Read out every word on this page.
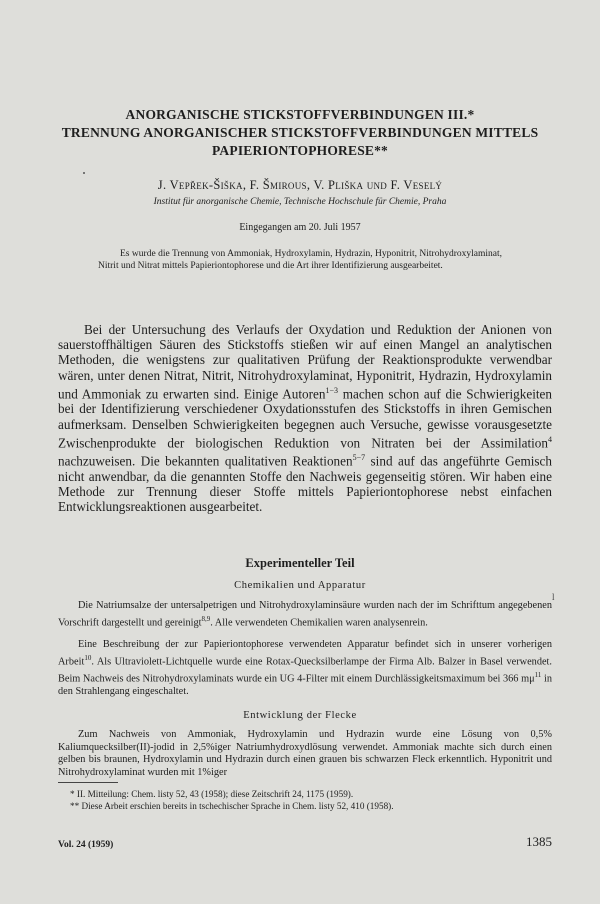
ANORGANISCHE STICKSTOFFVERBINDUNGEN III.*
TRENNUNG ANORGANISCHER STICKSTOFFVERBINDUNGEN MITTELS
PAPIERIONTOPHORESE**
J. Vepřek-Šiška, F. Šmirous, V. Pliška und F. Veselý
Institut für anorganische Chemie, Technische Hochschule für Chemie, Praha
Eingegangen am 20. Juli 1957

Es wurde die Trennung von Ammoniak, Hydroxylamin, Hydrazin, Hyponitrit, Nitrohydroxylaminat, Nitrit und Nitrat mittels Papieriontophorese und die Art ihrer Identifizierung ausgearbeitet.

Bei der Untersuchung des Verlaufs der Oxydation und Reduktion der Anionen von sauerstoffhältigen Säuren des Stickstoffs stießen wir auf einen Mangel an analytischen Methoden, die wenigstens zur qualitativen Prüfung der Reaktionsprodukte verwendbar wären, unter denen Nitrat, Nitrit, Nitrohydroxylaminat, Hyponitrit, Hydrazin, Hydroxylamin und Ammoniak zu erwarten sind. Einige Autoren$^{1-3}$ machen schon auf die Schwierigkeiten bei der Identifizierung verschiedener Oxydationsstufen des Stickstoffs in ihren Gemischen aufmerksam. Denselben Schwierigkeiten begegnen auch Versuche, gewisse vorausgesetzte Zwischenprodukte der biologischen Reduktion von Nitraten bei der Assimilation$^4$ nachzuweisen. Die bekannten qualitativen Reaktionen$^{5-7}$ sind auf das angeführte Gemisch nicht anwendbar, da die genannten Stoffe den Nachweis gegenseitig stören. Wir haben eine Methode zur Trennung dieser Stoffe mittels Papieriontophorese nebst einfachen Entwicklungsreaktionen ausgearbeitet.

Experimenteller Teil
Chemikalien und Apparatur
l

Die Natriumsalze der untersalpetrigen und Nitrohydroxylaminsäure wurden nach der im Schrifttum angegebenen Vorschrift dargestellt und gereinigt$^{8,9}$. Alle verwendeten Chemikalien waren analysenrein.

Eine Beschreibung der zur Papieriontophorese verwendeten Apparatur befindet sich in unserer vorherigen Arbeit$^{10}$. Als Ultraviolett-Lichtquelle wurde eine Rotax-Quecksilberlampe der Firma Alb. Balzer in Basel verwendet. Beim Nachweis des Nitrohydroxylaminats wurde ein UG 4-Filter mit einem Durchlässigkeitsmaximum bei 366 $m\mu^{11}$ in den Strahlengang eingeschaltet.

Entwicklung der Flecke

Zum Nachweis von Ammoniak, Hydroxylamin und Hydrazin wurde eine Lösung von 0,5% Kaliumquecksilber(II)-jodid in 2,5%iger Natriumhydroxydlösung verwendet. Ammoniak machte sich durch einen gelben bis braunen, Hydroxylamin und Hydrazin durch einen grauen bis schwarzen Fleck erkenntlich. Hyponitrit und Nitrohydroxylaminat wurden mit 1%iger

* II. Mitteilung: Chem. listy 52, 43 (1958); diese Zeitschrift 24, 1175 (1959).

** Diese Arbeit erschien bereits in tschechischer Sprache in Chem. listy 52, 410 (1958).

Vol. 24 (1959)	1385
